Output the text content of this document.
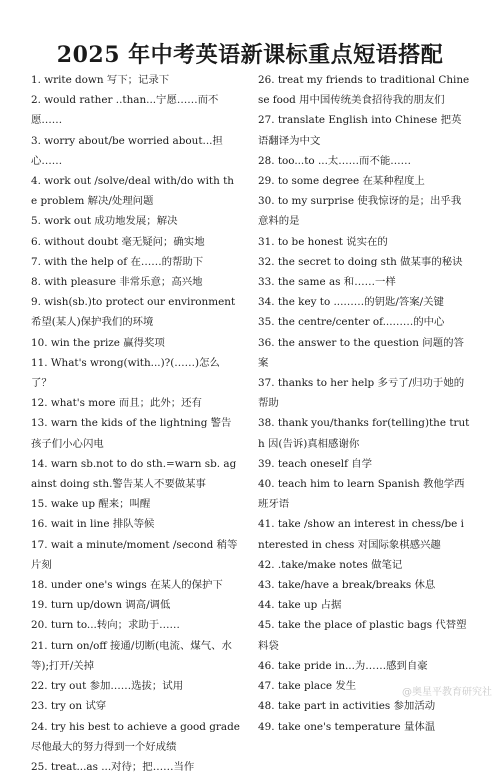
2025 年中考英语新课标重点短语搭配
1. write down 写下；记录下
2. would rather ..than...宁愿……而不愿……
3. worry about/be worried about...担心……
4. work out /solve/deal with/do with the problem 解决/处理问题
5. work out 成功地发展；解决
6. without doubt 毫无疑问；确实地
7. with the help of 在……的帮助下
8. with pleasure 非常乐意；高兴地
9. wish(sb.)to protect our environment 希望(某人)保护我们的环境
10. win the prize 赢得奖项
11. What's wrong(with...)?(……)怎么了？
12. what's more 而且；此外；还有
13. warn the kids of the lightning 警告孩子们小心闪电
14. warn sb.not to do sth.=warn sb. against doing sth.警告某人不要做某事
15. wake up 醒来；叫醒
16. wait in line 排队等候
17. wait a minute/moment /second 稍等片刻
18. under one's wings 在某人的保护下
19. turn up/down 调高/调低
20. turn to...转向；求助于……
21. turn on/off 接通/切断(电流、煤气、水等);打开/关掉
22. try out 参加……选拔；试用
23. try on 试穿
24. try his best to achieve a good grade 尽他最大的努力得到一个好成绩
25. treat...as ...对待；把……当作
26. treat my friends to traditional Chinese food 用中国传统美食招待我的朋友们
27. translate English into Chinese 把英语翻译为中文
28. too...to ...太……而不能……
29. to some degree 在某种程度上
30. to my surprise 使我惊讶的是；出乎我意料的是
31. to be honest 说实在的
32. the secret to doing sth 做某事的秘诀
33. the same as 和……一样
34. the key to ...……的钥匙/答案/关键
35. the centre/center of...……的中心
36. the answer to the question 问题的答案
37. thanks to her help 多亏了/归功于她的帮助
38. thank you/thanks for(telling)the truth 因(告诉)真相感谢你
39. teach oneself 自学
40. teach him to learn Spanish 教他学西班牙语
41. take /show an interest in chess/be interested in chess 对国际象棋感兴趣
42. .take/make notes 做笔记
43. take/have a break/breaks 休息
44. take up 占据
45. take the place of plastic bags 代替塑料袋
46. take pride in...为……感到自豪
47. take place 发生
48. take part in activities 参加活动
49. take one's temperature 量体温
@奥星平教育研究社
